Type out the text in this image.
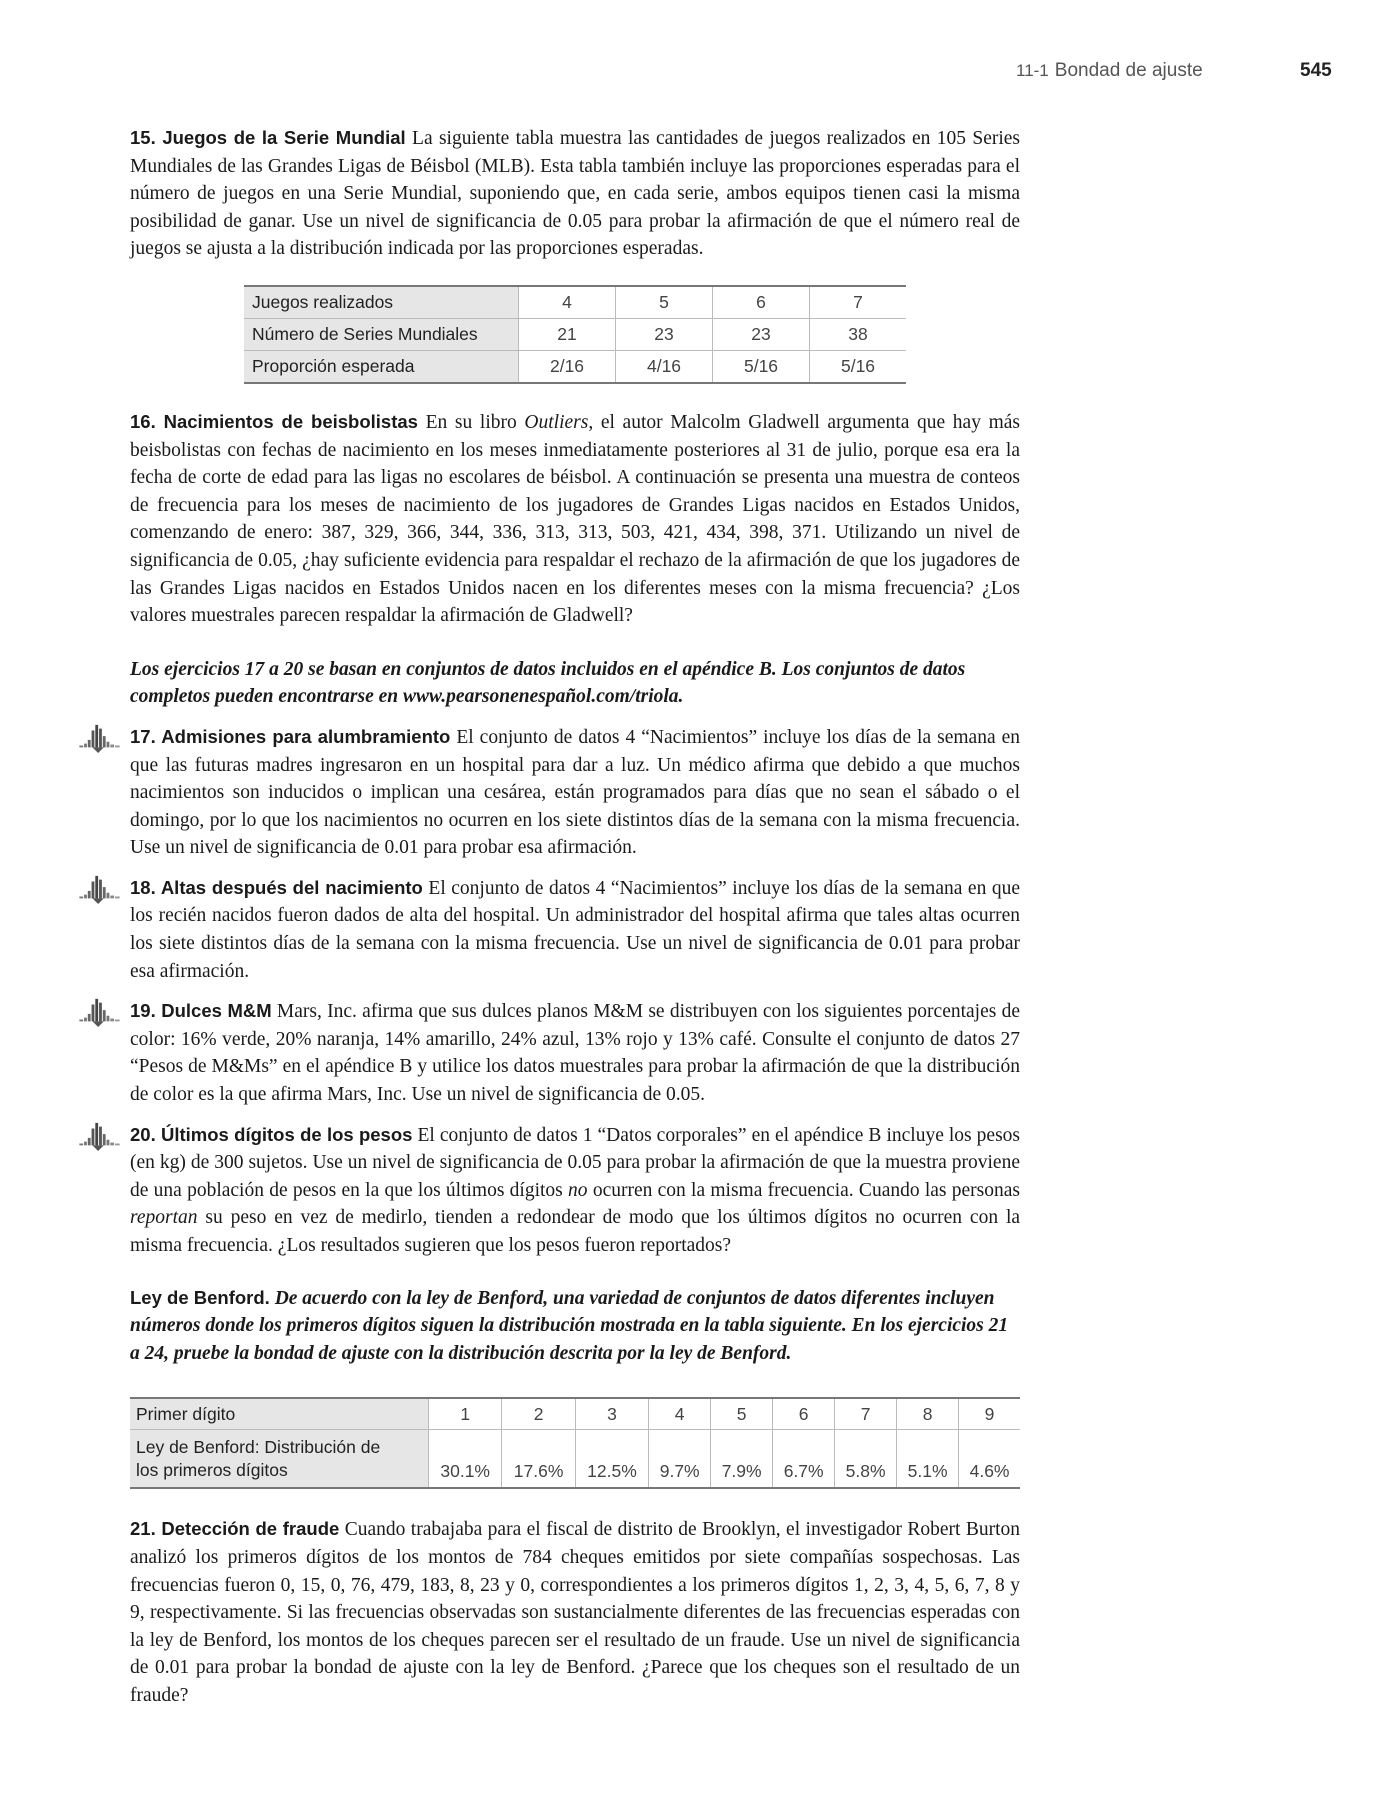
11-1 Bondad de ajuste	545

15. Juegos de la Serie Mundial La siguiente tabla muestra las cantidades de juegos realizados en 105 Series Mundiales de las Grandes Ligas de Béisbol (MLB). Esta tabla también incluye las proporciones esperadas para el número de juegos en una Serie Mundial, suponiendo que, en cada serie, ambos equipos tienen casi la misma posibilidad de ganar. Use un nivel de significancia de 0.05 para probar la afirmación de que el número real de juegos se ajusta a la distribución indicada por las proporciones esperadas.

Juegos realizados	4	5	6	7
Número de Series Mundiales	21	23	23	38
Proporción esperada	2/16	4/16	5/16	5/16

16. Nacimientos de beisbolistas En su libro Outliers, el autor Malcolm Gladwell argumenta que hay más beisbolistas con fechas de nacimiento en los meses inmediatamente posteriores al 31 de julio, porque esa era la fecha de corte de edad para las ligas no escolares de béisbol. A continuación se presenta una muestra de conteos de frecuencia para los meses de nacimiento de los jugadores de Grandes Ligas nacidos en Estados Unidos, comenzando de enero: 387, 329, 366, 344, 336, 313, 313, 503, 421, 434, 398, 371. Utilizando un nivel de significancia de 0.05, ¿hay suficiente evidencia para respaldar el rechazo de la afirmación de que los jugadores de las Grandes Ligas nacidos en Estados Unidos nacen en los diferentes meses con la misma frecuencia? ¿Los valores muestrales parecen respaldar la afirmación de Gladwell?

Los ejercicios 17 a 20 se basan en conjuntos de datos incluidos en el apéndice B. Los conjuntos de datos completos pueden encontrarse en www.pearsonenespañol.com/triola.

17. Admisiones para alumbramiento El conjunto de datos 4 “Nacimientos” incluye los días de la semana en que las futuras madres ingresaron en un hospital para dar a luz. Un médico afirma que debido a que muchos nacimientos son inducidos o implican una cesárea, están programados para días que no sean el sábado o el domingo, por lo que los nacimientos no ocurren en los siete distintos días de la semana con la misma frecuencia. Use un nivel de significancia de 0.01 para probar esa afirmación.

18. Altas después del nacimiento El conjunto de datos 4 “Nacimientos” incluye los días de la semana en que los recién nacidos fueron dados de alta del hospital. Un administrador del hospital afirma que tales altas ocurren los siete distintos días de la semana con la misma frecuencia. Use un nivel de significancia de 0.01 para probar esa afirmación.

19. Dulces M&M Mars, Inc. afirma que sus dulces planos M&M se distribuyen con los siguientes porcentajes de color: 16% verde, 20% naranja, 14% amarillo, 24% azul, 13% rojo y 13% café. Consulte el conjunto de datos 27 “Pesos de M&Ms” en el apéndice B y utilice los datos muestrales para probar la afirmación de que la distribución de color es la que afirma Mars, Inc. Use un nivel de significancia de 0.05.

20. Últimos dígitos de los pesos El conjunto de datos 1 “Datos corporales” en el apéndice B incluye los pesos (en kg) de 300 sujetos. Use un nivel de significancia de 0.05 para probar la afirmación de que la muestra proviene de una población de pesos en la que los últimos dígitos no ocurren con la misma frecuencia. Cuando las personas reportan su peso en vez de medirlo, tienden a redondear de modo que los últimos dígitos no ocurren con la misma frecuencia. ¿Los resultados sugieren que los pesos fueron reportados?

Ley de Benford. De acuerdo con la ley de Benford, una variedad de conjuntos de datos diferentes incluyen números donde los primeros dígitos siguen la distribución mostrada en la tabla siguiente. En los ejercicios 21 a 24, pruebe la bondad de ajuste con la distribución descrita por la ley de Benford.

Primer dígito	1	2	3	4	5	6	7	8	9
Ley de Benford: Distribución de
los primeros dígitos	30.1%	17.6%	12.5%	9.7%	7.9%	6.7%	5.8%	5.1%	4.6%

21. Detección de fraude Cuando trabajaba para el fiscal de distrito de Brooklyn, el investigador Robert Burton analizó los primeros dígitos de los montos de 784 cheques emitidos por siete compañías sospechosas. Las frecuencias fueron 0, 15, 0, 76, 479, 183, 8, 23 y 0, correspondientes a los primeros dígitos 1, 2, 3, 4, 5, 6, 7, 8 y 9, respectivamente. Si las frecuencias observadas son sustancialmente diferentes de las frecuencias esperadas con la ley de Benford, los montos de los cheques parecen ser el resultado de un fraude. Use un nivel de significancia de 0.01 para probar la bondad de ajuste con la ley de Benford. ¿Parece que los cheques son el resultado de un fraude?
